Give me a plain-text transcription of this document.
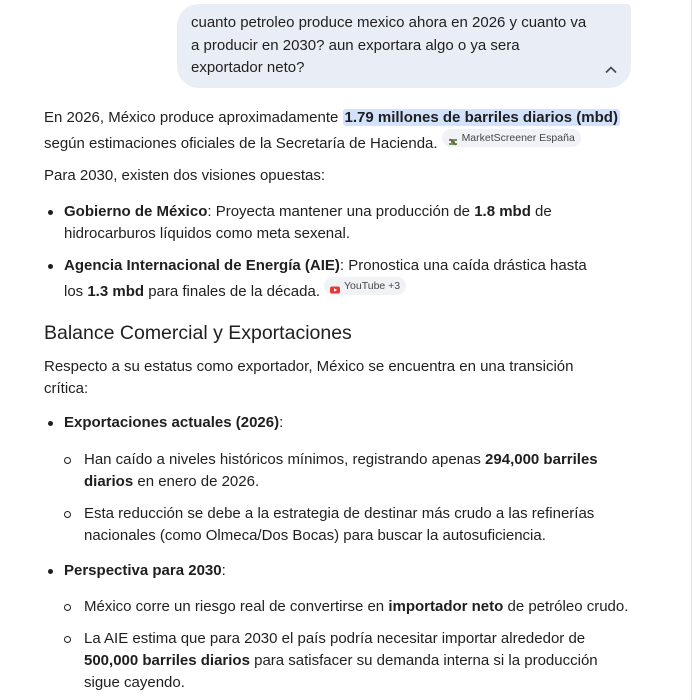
cuanto petroleo produce mexico ahora en 2026 y cuanto va a producir en 2030? aun exportara algo o ya sera exportador neto?

En 2026, México produce aproximadamente 1.79 millones de barriles diarios (mbd) según estimaciones oficiales de la Secretaría de Hacienda. MarketScreener España

Para 2030, existen dos visiones opuestas:

Gobierno de México: Proyecta mantener una producción de 1.8 mbd de hidrocarburos líquidos como meta sexenal.
Agencia Internacional de Energía (AIE): Pronostica una caída drástica hasta los 1.3 mbd para finales de la década. YouTube +3
Balance Comercial y Exportaciones

Respecto a su estatus como exportador, México se encuentra en una transición crítica:

Exportaciones actuales (2026):
Han caído a niveles históricos mínimos, registrando apenas 294,000 barriles diarios en enero de 2026.
Esta reducción se debe a la estrategia de destinar más crudo a las refinerías nacionales (como Olmeca/Dos Bocas) para buscar la autosuficiencia.
Perspectiva para 2030:
México corre un riesgo real de convertirse en importador neto de petróleo crudo.
La AIE estima que para 2030 el país podría necesitar importar alrededor de 500,000 barriles diarios para satisfacer su demanda interna si la producción sigue cayendo.
